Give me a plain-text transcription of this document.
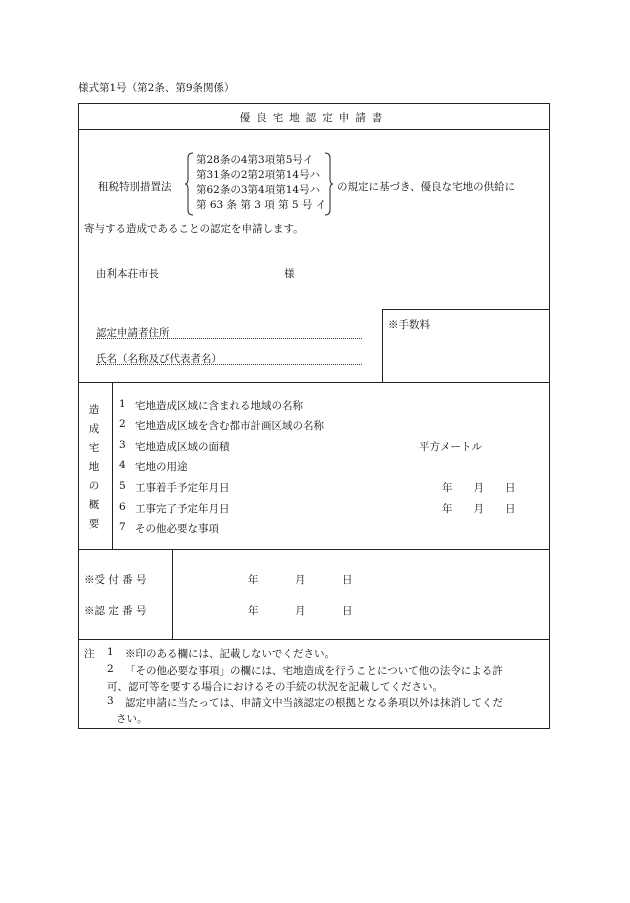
様式第1号（第2条、第9条関係）
優良宅地認定申請書
租税特別措置法
第28条の4第3項第5号イ
第31条の2第2項第14号ハ
第62条の3第4項第14号ハ
第 63 条 第 3 項 第 5 号 イ
の規定に基づき、優良な宅地の供給に
寄与する造成であることの認定を申請します。
由利本荘市長	様
※手数料
認定申請者住所
氏名（名称及び代表者名）
造
成
宅
地
の
概
要
1 宅地造成区域に含まれる地域の名称
2 宅地造成区域を含む都市計画区域の名称
3 宅地造成区域の面積	平方メートル
4 宅地の用途
5 工事着手予定年月日	年　　月　　日
6 工事完了予定年月日	年　　月　　日
7 その他必要な事項
※受 付 番 号	年	月	日
※認 定 番 号	年	月	日
注 1 ※印のある欄には、記載しないでください。
2 「その他必要な事項」の欄には、宅地造成を行うことについて他の法令による許
可、認可等を要する場合におけるその手続の状況を記載してください。
3 認定申請に当たっては、申請文中当該認定の根拠となる条項以外は抹消してくだ
さい。
